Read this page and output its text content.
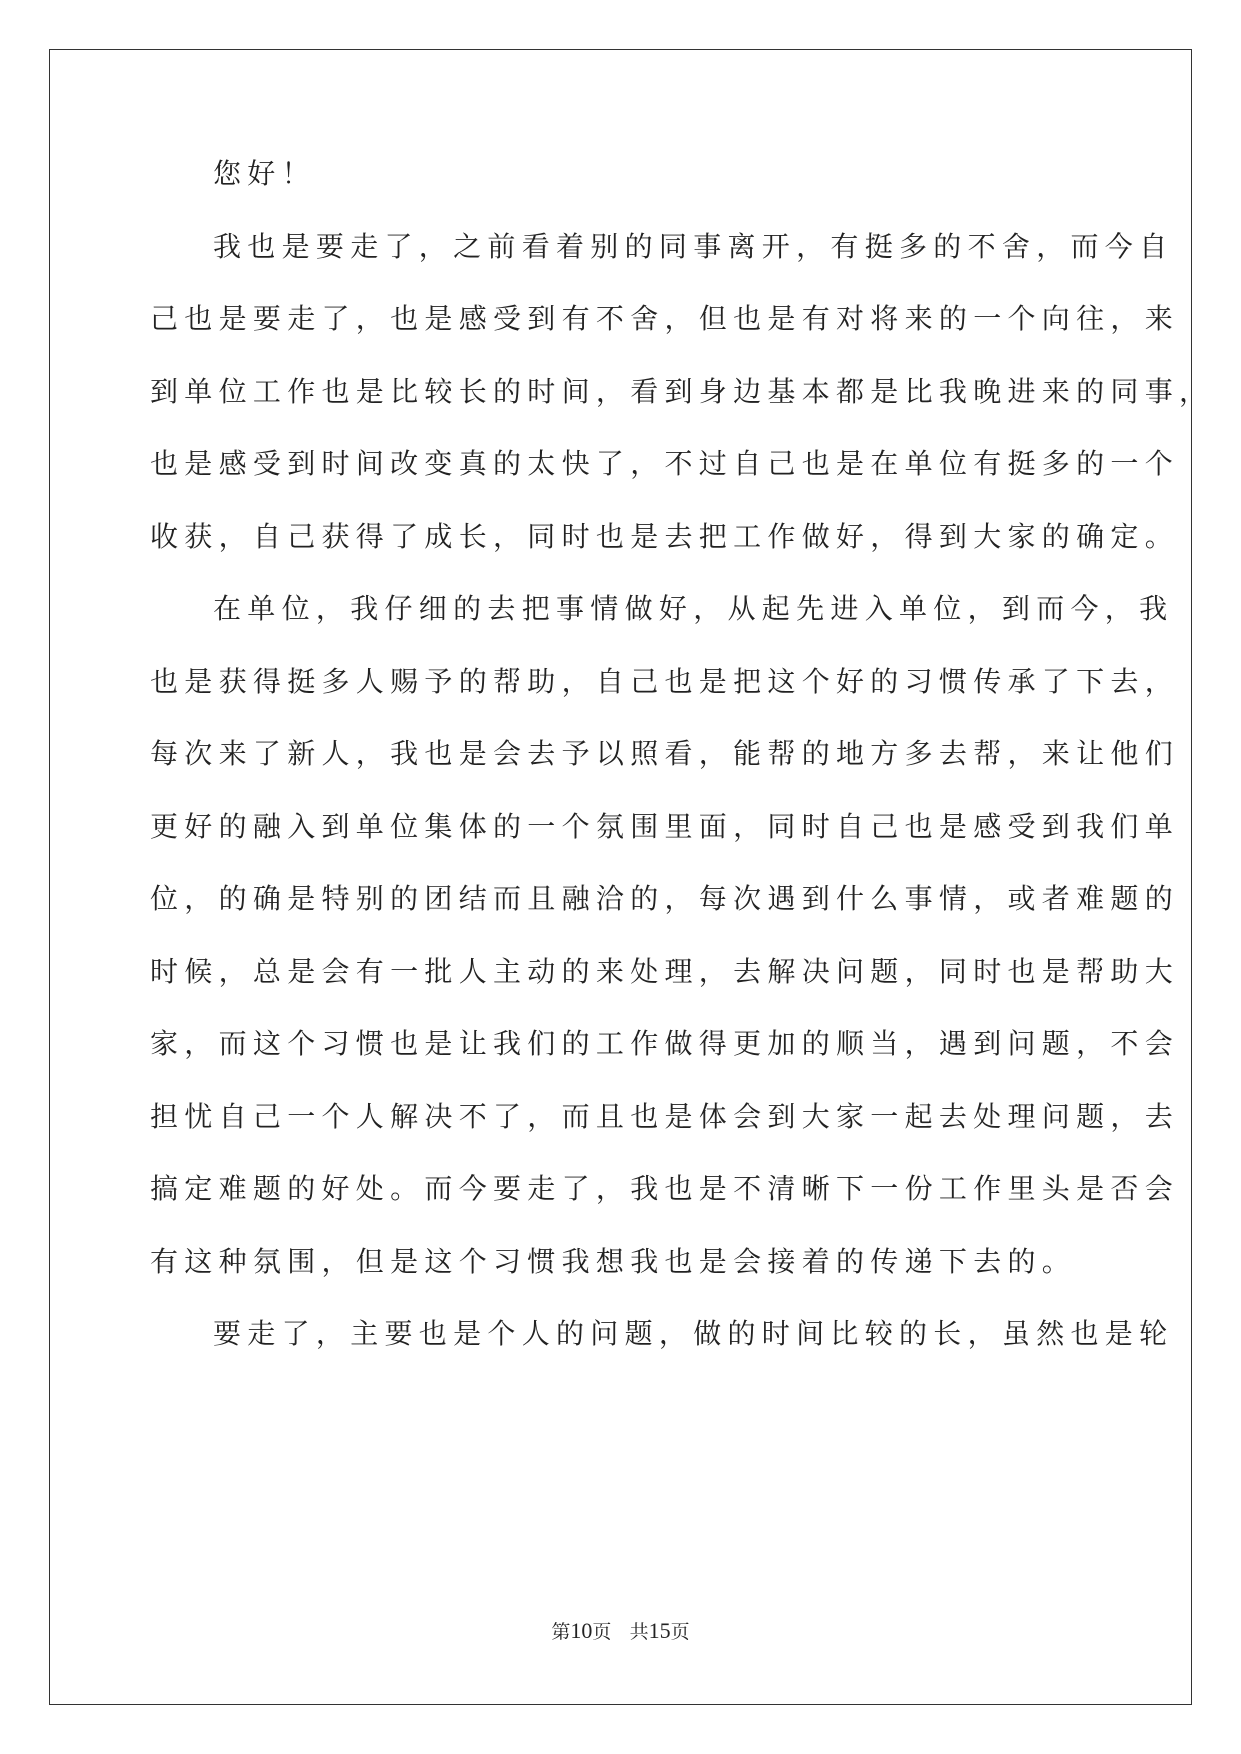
您好！
我也是要走了，之前看着别的同事离开，有挺多的不舍，而今自
己也是要走了，也是感受到有不舍，但也是有对将来的一个向往，来
到单位工作也是比较长的时间，看到身边基本都是比我晚进来的同事，
也是感受到时间改变真的太快了，不过自己也是在单位有挺多的一个
收获，自己获得了成长，同时也是去把工作做好，得到大家的确定。
在单位，我仔细的去把事情做好，从起先进入单位，到而今，我
也是获得挺多人赐予的帮助，自己也是把这个好的习惯传承了下去，
每次来了新人，我也是会去予以照看，能帮的地方多去帮，来让他们
更好的融入到单位集体的一个氛围里面，同时自己也是感受到我们单
位，的确是特别的团结而且融洽的，每次遇到什么事情，或者难题的
时候，总是会有一批人主动的来处理，去解决问题，同时也是帮助大
家，而这个习惯也是让我们的工作做得更加的顺当，遇到问题，不会
担忧自己一个人解决不了，而且也是体会到大家一起去处理问题，去
搞定难题的好处。而今要走了，我也是不清晰下一份工作里头是否会
有这种氛围，但是这个习惯我想我也是会接着的传递下去的。
要走了，主要也是个人的问题，做的时间比较的长，虽然也是轮
第10页 共15页
